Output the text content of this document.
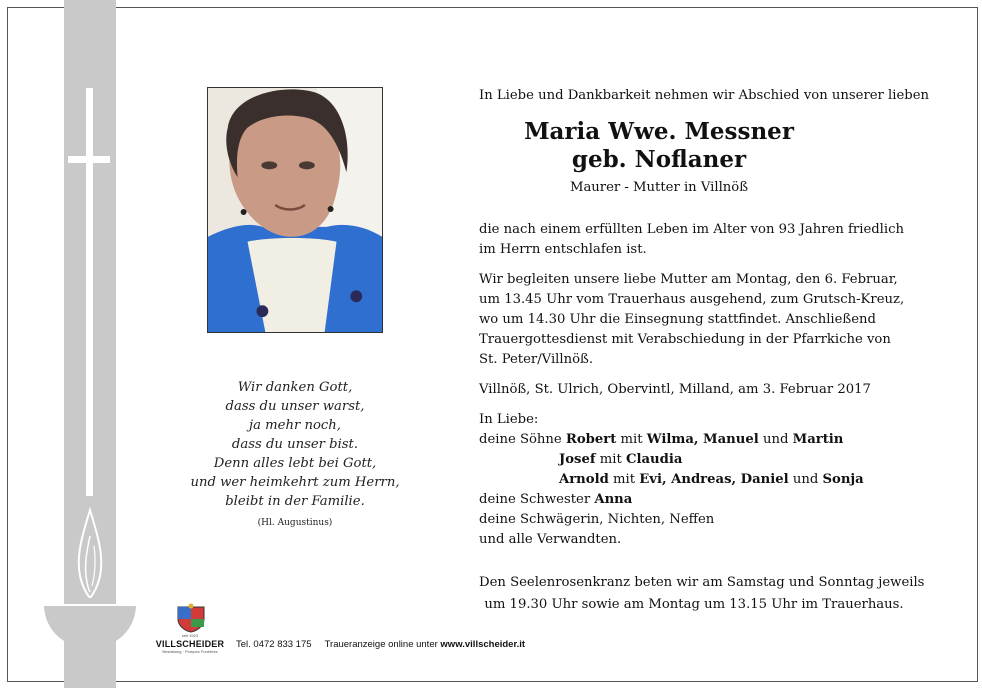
Wir danken Gott,
dass du unser warst,
ja mehr noch,
dass du unser bist.
Denn alles lebt bei Gott,
und wer heimkehrt zum Herrn,
bleibt in der Familie.
(Hl. Augustinus)
seit 1923
VILLSCHEIDER
Bestattung · Pompes Funèbres
Tel. 0472 833 175 Traueranzeige online unter www.villscheider.it
In Liebe und Dankbarkeit nehmen wir Abschied von unserer lieben
Maria Wwe. Messner
geb. Noflaner
Maurer - Mutter in Villnöß
die nach einem erfüllten Leben im Alter von 93 Jahren friedlich
im Herrn entschlafen ist.
Wir begleiten unsere liebe Mutter am Montag, den 6. Februar,
um 13.45 Uhr vom Trauerhaus ausgehend, zum Grutsch-Kreuz,
wo um 14.30 Uhr die Einsegnung stattfindet. Anschließend
Trauergottesdienst mit Verabschiedung in der Pfarrkiche von
St. Peter/Villnöß.
Villnöß, St. Ulrich, Obervintl, Milland, am 3. Februar 2017
In Liebe:
deine Söhne Robert mit Wilma, Manuel und Martin
Josef mit Claudia
Arnold mit Evi, Andreas, Daniel und Sonja
deine Schwester Anna
deine Schwägerin, Nichten, Neffen
und alle Verwandten.
Den Seelenrosenkranz beten wir am Samstag und Sonntag jeweils
um 19.30 Uhr sowie am Montag um 13.15 Uhr im Trauerhaus.
